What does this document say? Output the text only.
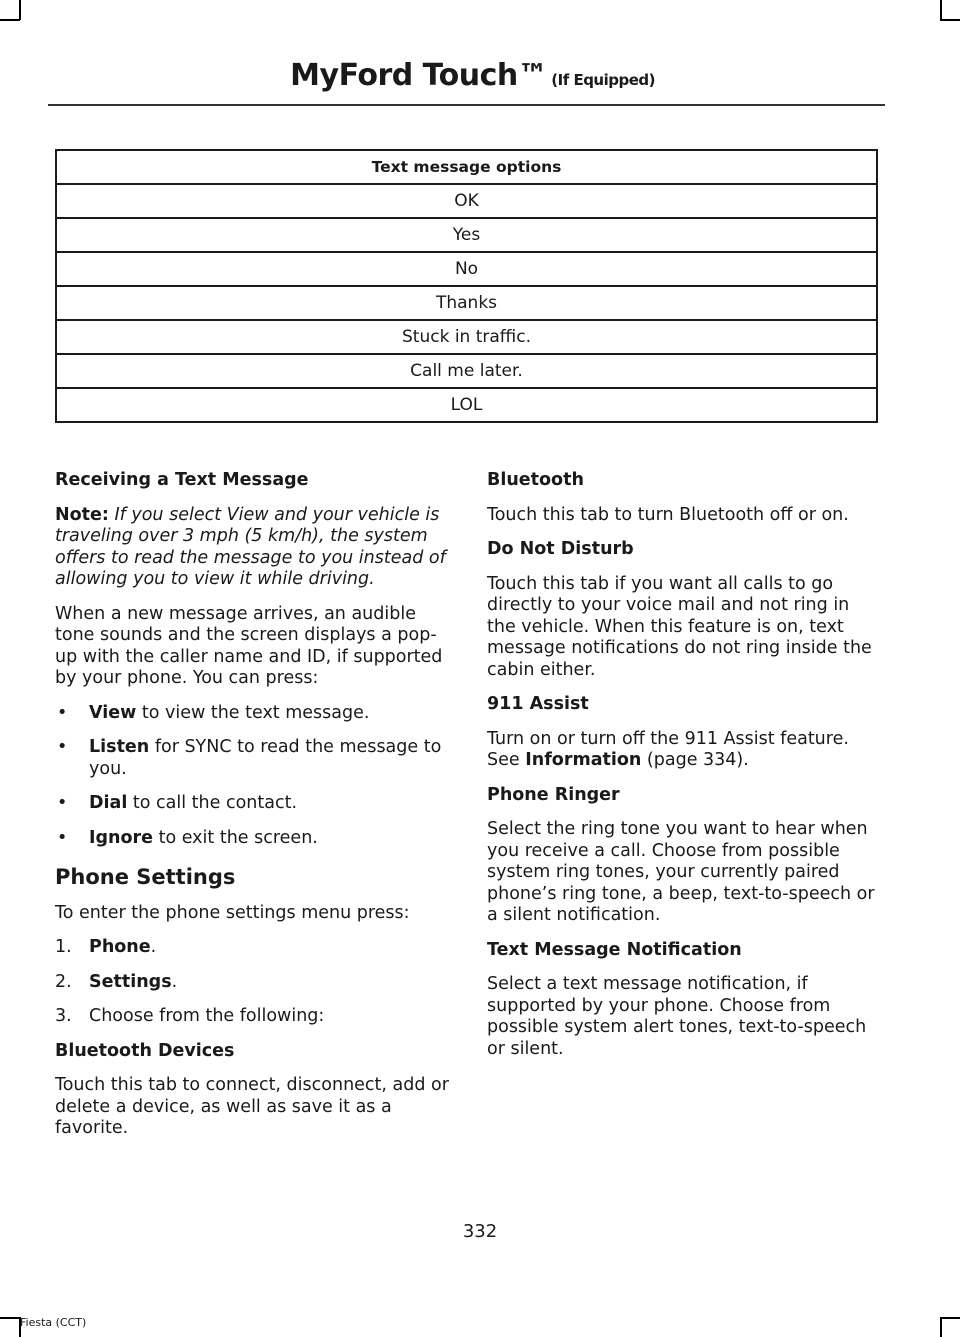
MyFord Touch™ (If Equipped)
Text message options
OK
Yes
No
Thanks
Stuck in traffic.
Call me later.
LOL
Receiving a Text Message

Note: If you select View and your vehicle is traveling over 3 mph (5 km/h), the system offers to read the message to you instead of allowing you to view it while driving.

When a new message arrives, an audible tone sounds and the screen displays a pop-up with the caller name and ID, if supported by your phone. You can press:

• View to view the text message.
• Listen for SYNC to read the message to you.
• Dial to call the contact.
• Ignore to exit the screen.
Phone Settings

To enter the phone settings menu press:

1. Phone.
2. Settings.
3. Choose from the following:
Bluetooth Devices

Touch this tab to connect, disconnect, add or delete a device, as well as save it as a favorite.

Bluetooth

Touch this tab to turn Bluetooth off or on.

Do Not Disturb

Touch this tab if you want all calls to go directly to your voice mail and not ring in the vehicle. When this feature is on, text message notifications do not ring inside the cabin either.

911 Assist

Turn on or turn off the 911 Assist feature. See Information (page 334).

Phone Ringer

Select the ring tone you want to hear when you receive a call. Choose from possible system ring tones, your currently paired phone’s ring tone, a beep, text-to-speech or a silent notification.

Text Message Notification

Select a text message notification, if supported by your phone. Choose from possible system alert tones, text-to-speech or silent.

332
Fiesta (CCT)
